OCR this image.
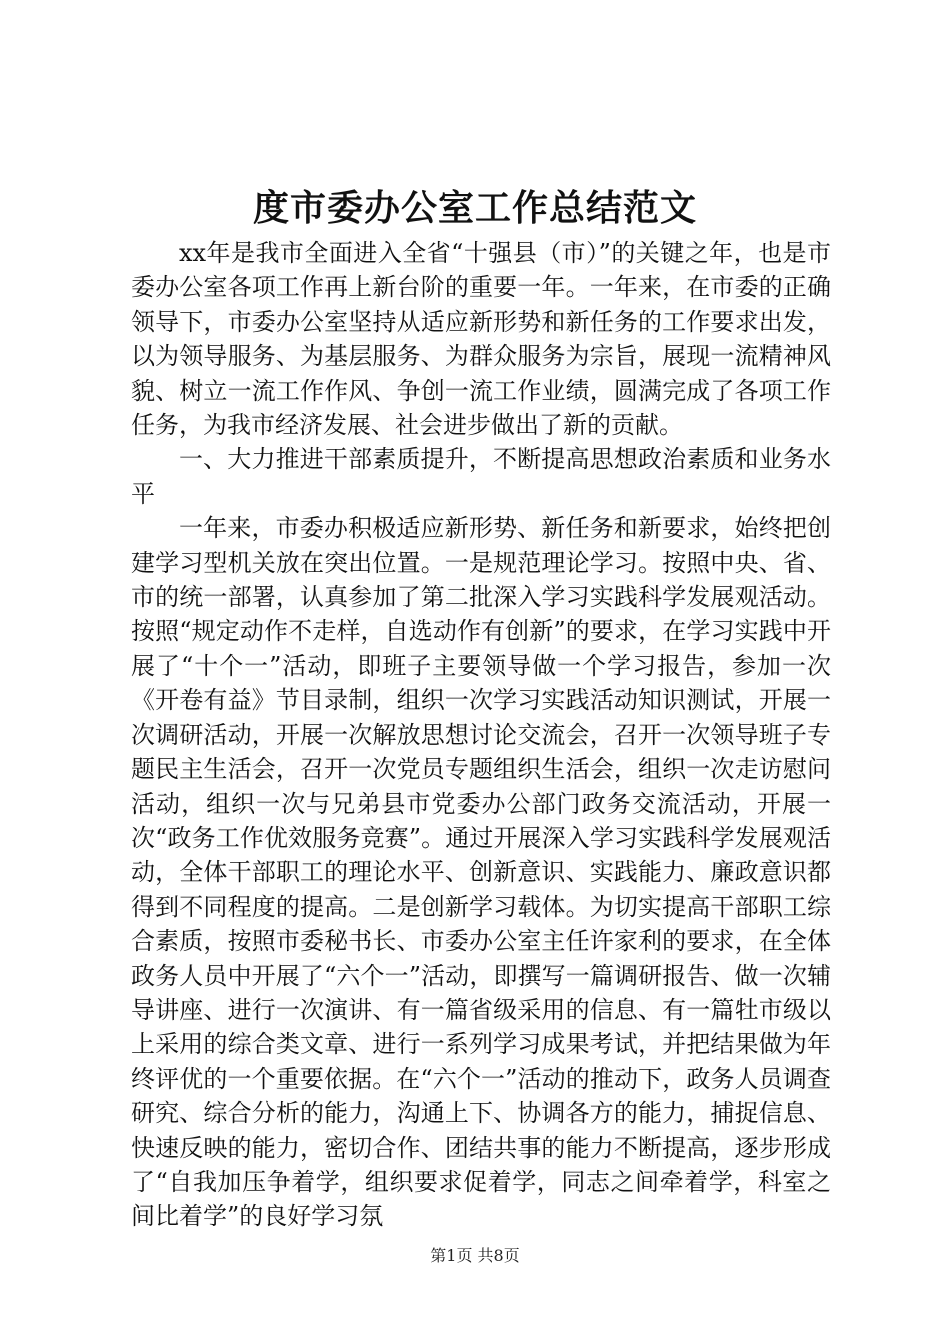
度市委办公室工作总结范文

xx年是我市全面进入全省“十强县（市）”的关键之年，也是市委办公室各项工作再上新台阶的重要一年。一年来，在市委的正确领导下，市委办公室坚持从适应新形势和新任务的工作要求出发，以为领导服务、为基层服务、为群众服务为宗旨，展现一流精神风貌、树立一流工作作风、争创一流工作业绩，圆满完成了各项工作任务，为我市经济发展、社会进步做出了新的贡献。

一、大力推进干部素质提升，不断提高思想政治素质和业务水平

一年来，市委办积极适应新形势、新任务和新要求，始终把创建学习型机关放在突出位置。一是规范理论学习。按照中央、省、市的统一部署，认真参加了第二批深入学习实践科学发展观活动。按照“规定动作不走样，自选动作有创新”的要求，在学习实践中开展了“十个一”活动，即班子主要领导做一个学习报告，参加一次《开卷有益》节目录制，组织一次学习实践活动知识测试，开展一次调研活动，开展一次解放思想讨论交流会，召开一次领导班子专题民主生活会，召开一次党员专题组织生活会，组织一次走访慰问活动，组织一次与兄弟县市党委办公部门政务交流活动，开展一次“政务工作优效服务竞赛”。通过开展深入学习实践科学发展观活动，全体干部职工的理论水平、创新意识、实践能力、廉政意识都得到不同程度的提高。二是创新学习载体。为切实提高干部职工综合素质，按照市委秘书长、市委办公室主任许家利的要求，在全体政务人员中开展了“六个一”活动，即撰写一篇调研报告、做一次辅导讲座、进行一次演讲、有一篇省级采用的信息、有一篇牡市级以上采用的综合类文章、进行一系列学习成果考试，并把结果做为年终评优的一个重要依据。在“六个一”活动的推动下，政务人员调查研究、综合分析的能力，沟通上下、协调各方的能力，捕捉信息、快速反映的能力，密切合作、团结共事的能力不断提高，逐步形成了“自我加压争着学，组织要求促着学，同志之间牵着学，科室之间比着学”的良好学习氛

第1页 共8页
